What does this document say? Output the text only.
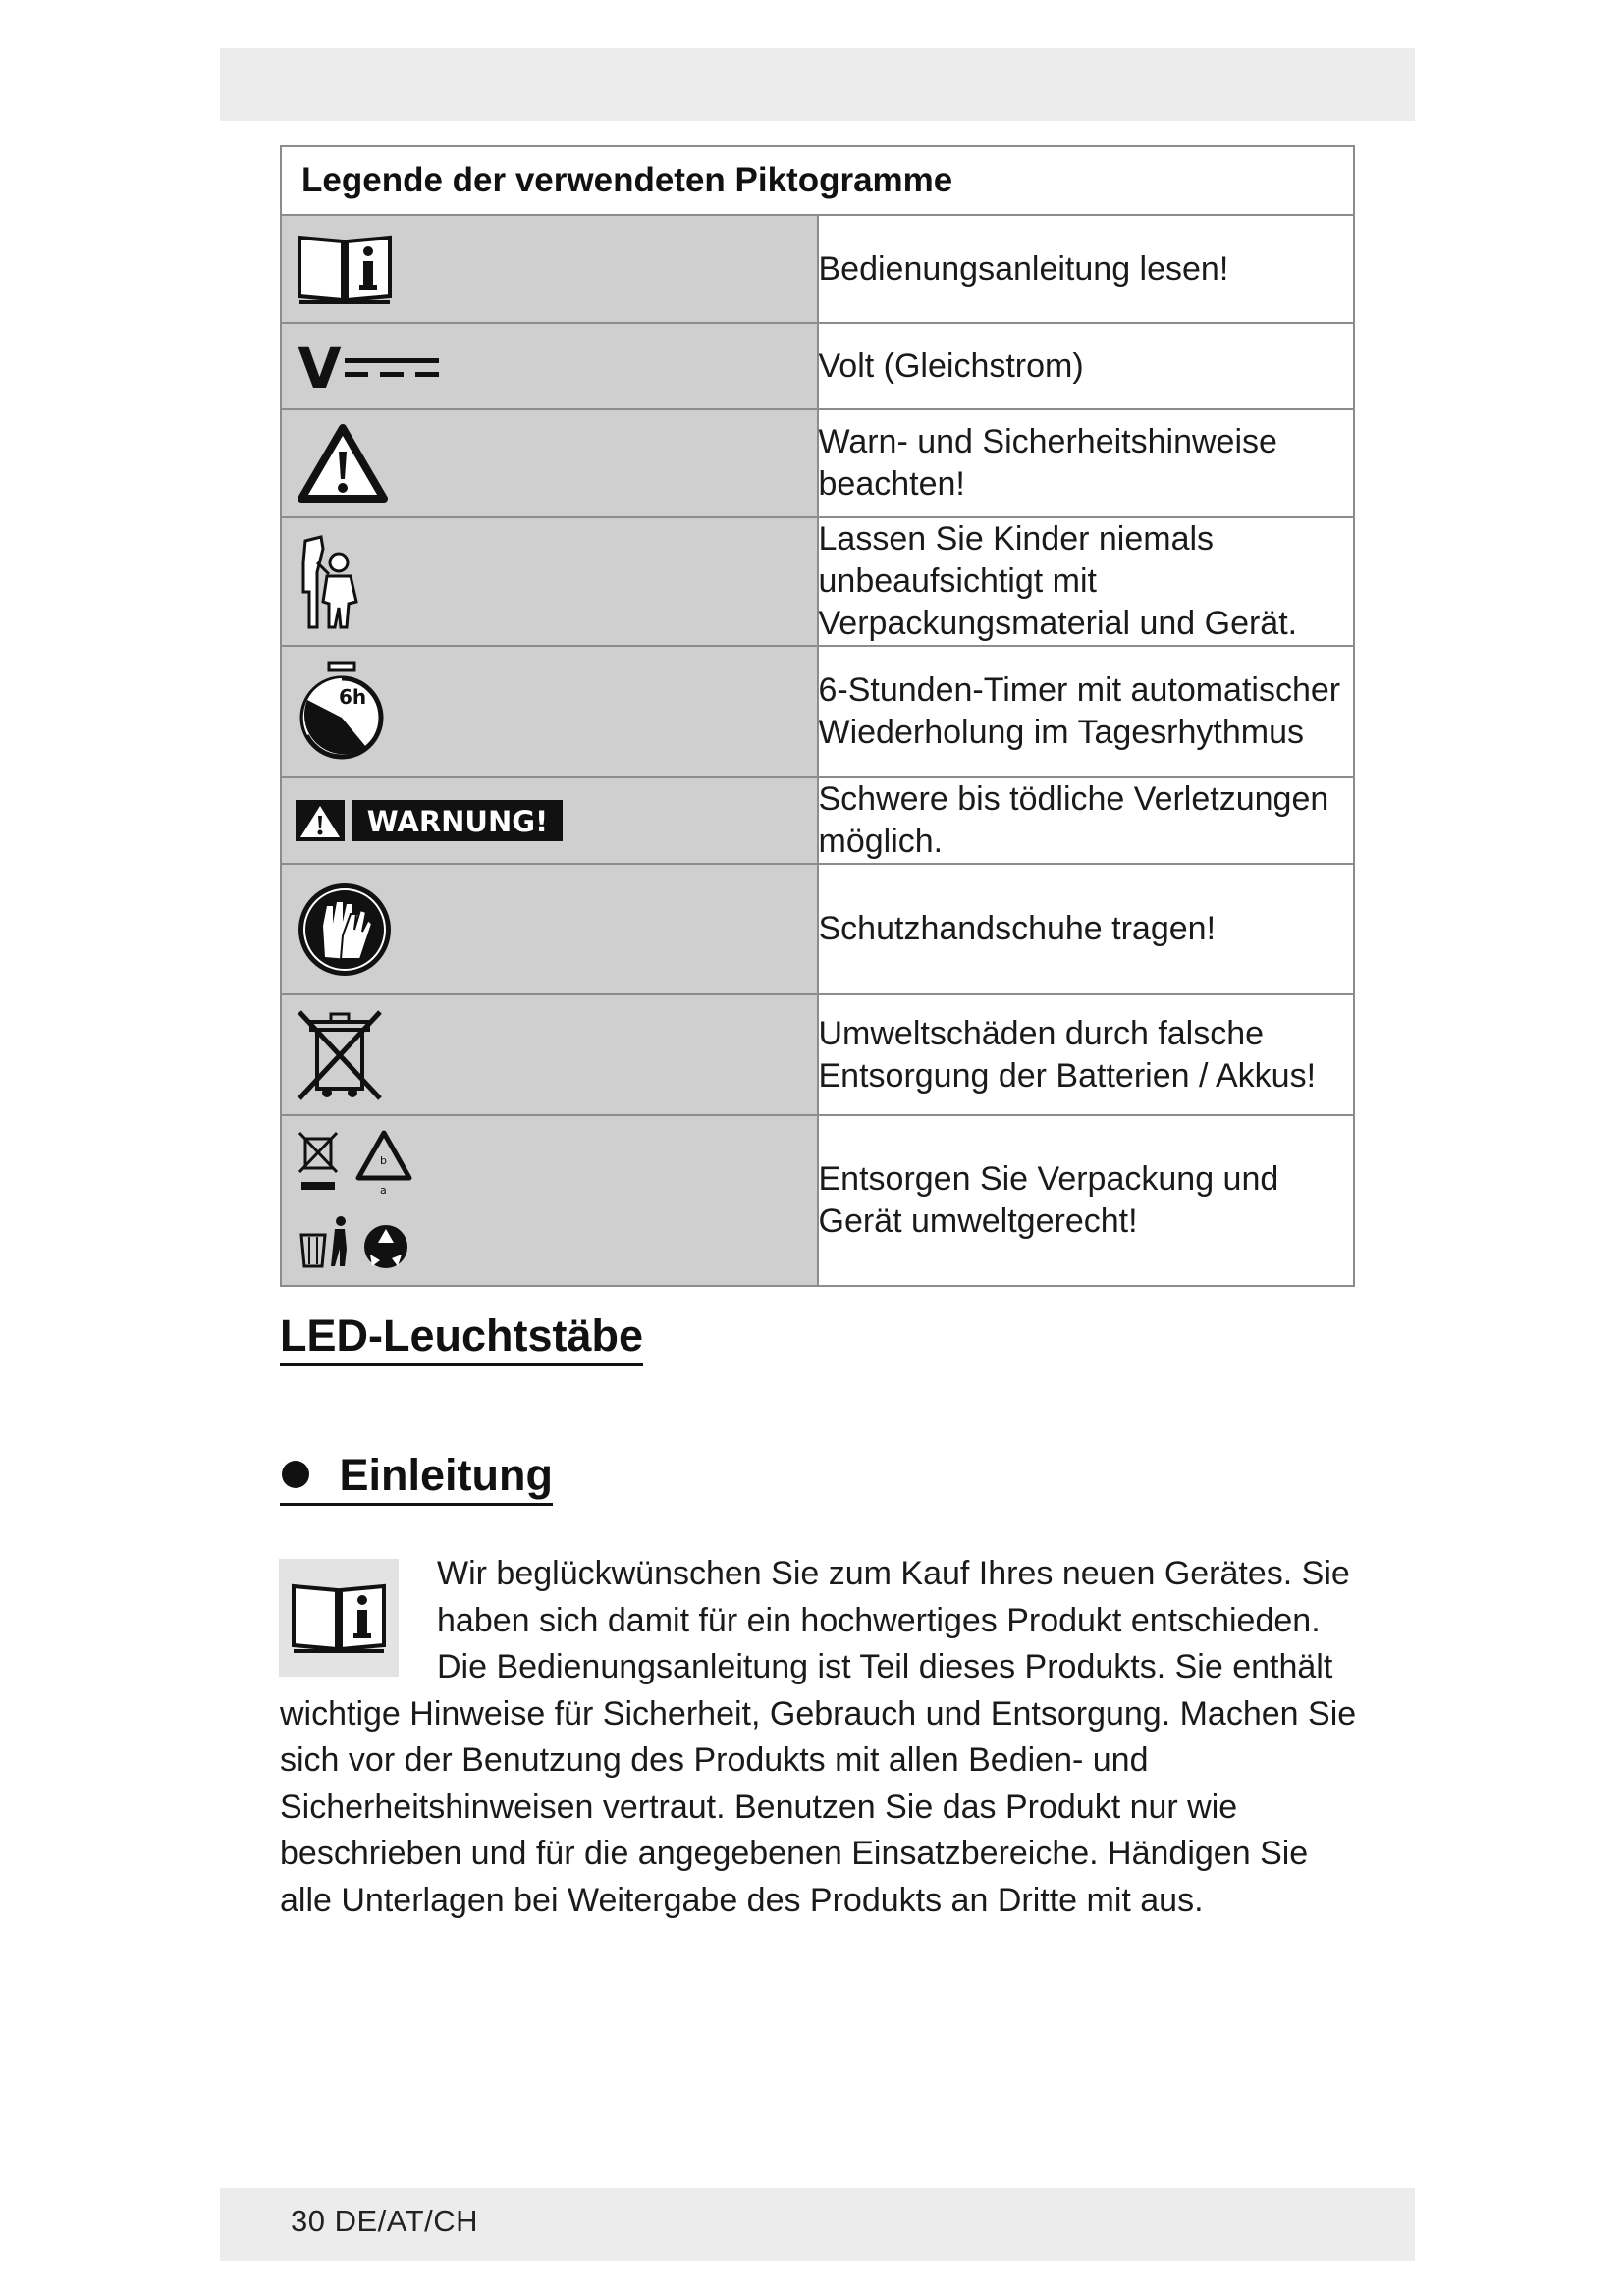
Legende der verwendeten Piktogramme	

	Bedienungsanleitung lesen!

V	Volt (Gleichstrom)

	Warn- und Sicherheitshinweise beachten!

	Lassen Sie Kinder niemals unbeaufsichtigt mit Verpackungsmaterial und Gerät.

6h	6-Stunden-Timer mit automatischer Wiederholung im Tagesrhythmus

WARNUNG!	Schwere bis tödliche Verletzungen möglich.

	Schutzhandschuhe tragen!

	Umweltschäden durch falsche Entsorgung der Batterien / Akkus!

b
a	Entsorgen Sie Verpackung und Gerät umweltgerecht!
LED-Leuchtstäbe
Einleitung
Wir beglückwünschen Sie zum Kauf Ihres neuen Gerätes. Sie haben sich damit für ein hochwertiges Produkt entschieden. Die Bedienungsanleitung ist Teil dieses Produkts. Sie enthält wichtige Hinweise für Sicherheit, Gebrauch und Entsorgung. Machen Sie sich vor der Benutzung des Produkts mit allen Bedien- und Sicherheitshinweisen vertraut. Benutzen Sie das Produkt nur wie beschrieben und für die angegebenen Einsatzbereiche. Händigen Sie alle Unterlagen bei Weitergabe des Produkts an Dritte mit aus.
30 DE/AT/CH
